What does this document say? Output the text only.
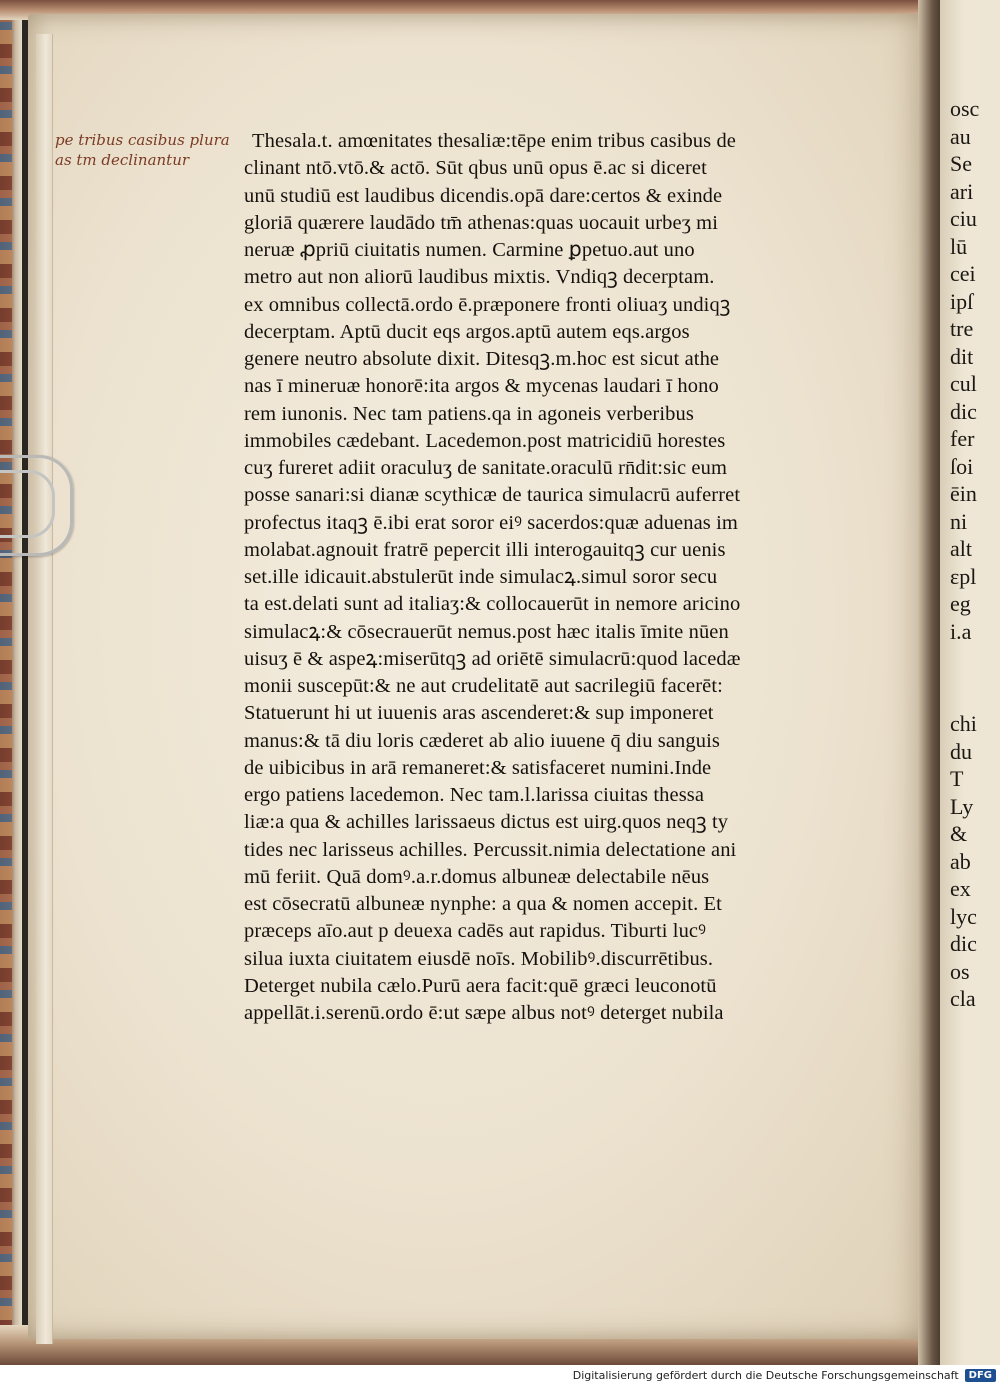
pe tribus casibus plura
as tm declinantur
Thesala.t. amœnitates thesaliæ:tēpe enim tribus casibus de
clinant ntō.vtō.& actō. Sūt qbus unū opus ē.ac si diceret
unū studiū est laudibus dicendis.opā dare:certos & exinde
gloriā quærere laudādo tm̄ athenas:quas uocauit urbeʒ mi
neruæ ꝓpriū ciuitatis numen. Carmine ꝑpetuo.aut uno
metro aut non aliorū laudibus mixtis. Vndiqꝫ decerptam.
ex omnibus collectā.ordo ē.præponere fronti oliuaʒ undiqꝫ
decerptam. Aptū ducit eqs argos.aptū autem eqs.argos
genere neutro absolute dixit. Ditesqꝫ.m.hoc est sicut athe
nas ī mineruæ honorē:ita argos & mycenas laudari ī hono
rem iunonis. Nec tam patiens.qa in agoneis verberibus
immobiles cædebant. Lacedemon.post matricidiū horestes
cuʒ fureret adiit oraculuʒ de sanitate.oraculū rn̄dit:sic eum
posse sanari:si dianæ scythicæ de taurica simulacrū auferret
profectus itaqꝫ ē.ibi erat soror eiꝰ sacerdos:quæ aduenas im
molabat.agnouit fratrē pepercit illi interogauitqꝫ cur uenis
set.ille idicauit.abstulerūt inde simulacꝝ.simul soror secu
ta est.delati sunt ad italiaʒ:& collocauerūt in nemore aricino
simulacꝝ:& cōsecrauerūt nemus.post hæc italis īmite nūen
uisuʒ ē & aspeꝝ:miserūtqꝫ ad oriētē simulacrū:quod lacedæ
monii suscepūt:& ne aut crudelitatē aut sacrilegiū facerēt:
Statuerunt hi ut iuuenis aras ascenderet:& sup imponeret
manus:& tā diu loris cæderet ab alio iuuene q̄ diu sanguis
de uibicibus in arā remaneret:& satisfaceret numini.Inde
ergo patiens lacedemon. Nec tam.l.larissa ciuitas thessa
liæ:a qua & achilles larissaeus dictus est uirg.quos neqꝫ ty
tides nec larisseus achilles. Percussit.nimia delectatione ani
mū feriit. Quā domꝰ.a.r.domus albuneæ delectabile nēus
est cōsecratū albuneæ nynphe: a qua & nomen accepit. Et
præceps aīo.aut p deuexa cadēs aut rapidus. Tiburti lucꝰ
silua iuxta ciuitatem eiusdē noīs. Mobilibꝰ.discurrētibus.
Deterget nubila cælo.Purū aera facit:quē græci leuconotū
appellāt.i.serenū.ordo ē:ut sæpe albus notꝰ deterget nubila
osc
au
Se
ari
ciu
lū
cei
ipſ
tre
dit
cul
dic
fer
ſoi
ēin
ni
alt
ɛpl
eg
i.a
chi
du
T
Ly
&
ab
ex
lyc
dic
os
cla
Digitalisierung gefördert durch die Deutsche Forschungsgemeinschaft	DFG
